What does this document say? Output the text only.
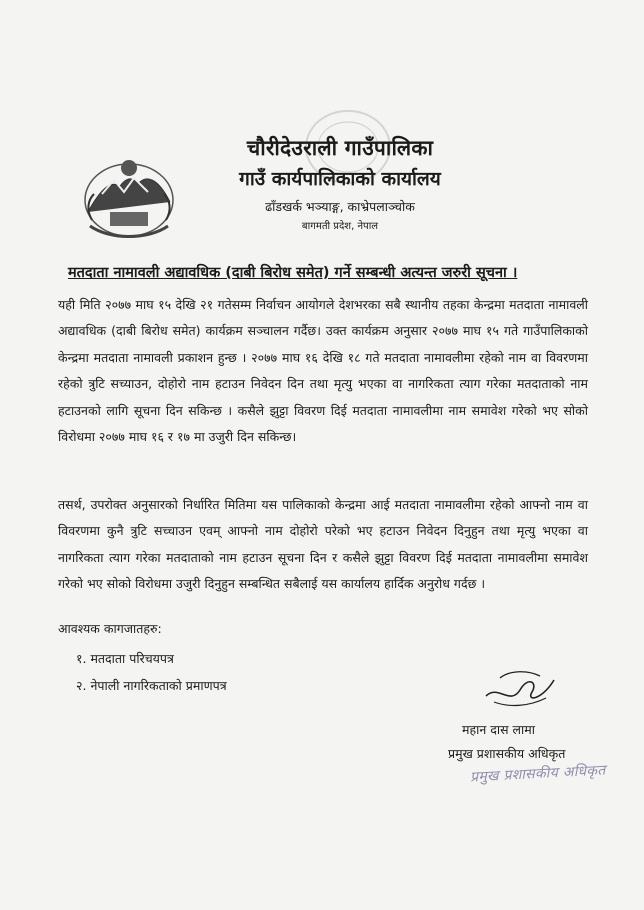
चौरीदेउराली गाउँपालिका
गाउँ कार्यपालिकाको कार्यालय
ढाँडखर्क भञ्याङ्ग, काभ्रेपलाञ्चोक
बागमती प्रदेश, नेपाल
मतदाता नामावली अद्यावधिक (दाबी बिरोध समेत) गर्ने सम्बन्धी अत्यन्त जरुरी सूचना ।
यही मिति २०७७ माघ १५ देखि २१ गतेसम्म निर्वाचन आयोगले देशभरका सबै स्थानीय तहका केन्द्रमा मतदाता नामावली अद्यावधिक (दाबी बिरोध समेत) कार्यक्रम सञ्चालन गर्दैछ। उक्त कार्यक्रम अनुसार २०७७ माघ १५ गते गाउँपालिकाको केन्द्रमा मतदाता नामावली प्रकाशन हुन्छ । २०७७ माघ १६ देखि १८ गते मतदाता नामावलीमा रहेको नाम वा विवरणमा रहेको त्रुटि सच्याउन, दोहोरो नाम हटाउन निवेदन दिन तथा मृत्यु भएका वा नागरिकता त्याग गरेका मतदाताको नाम हटाउनको लागि सूचना दिन सकिन्छ । कसैले झुट्टा विवरण दिई मतदाता नामावलीमा नाम समावेश गरेको भए सोको विरोधमा २०७७ माघ १६ र १७ मा उजुरी दिन सकिन्छ।
तसर्थ, उपरोक्त अनुसारको निर्धारित मितिमा यस पालिकाको केन्द्रमा आई मतदाता नामावलीमा रहेको आफ्नो नाम वा विवरणमा कुनै त्रुटि सच्चाउन एवम् आफ्नो नाम दोहोरो परेको भए हटाउन निवेदन दिनुहुन तथा मृत्यु भएका वा नागरिकता त्याग गरेका मतदाताको नाम हटाउन सूचना दिन र कसैले झुट्टा विवरण दिई मतदाता नामावलीमा समावेश गरेको भए सोको विरोधमा उजुरी दिनुहुन सम्बन्धित सबैलाई यस कार्यालय हार्दिक अनुरोध गर्दछ ।
आवश्यक कागजातहरु:
१. मतदाता परिचयपत्र
२. नेपाली नागरिकताको प्रमाणपत्र
महान दास लामा
प्रमुख प्रशासकीय अधिकृत
प्रमुख प्रशासकीय अधिकृत
